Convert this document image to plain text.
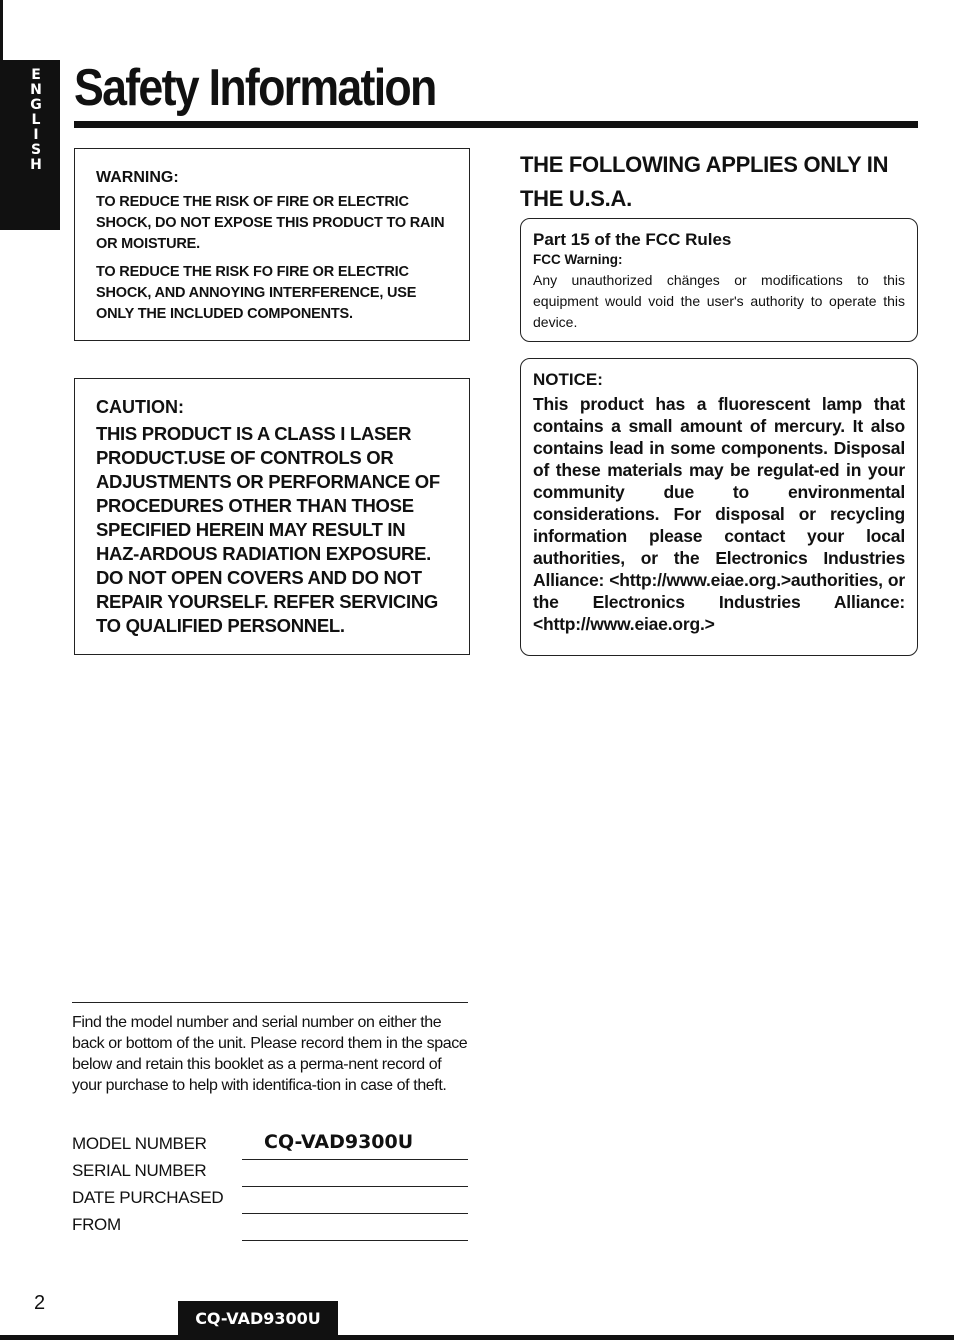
E
N
G
L
I
S
H
Safety Information
WARNING:

TO REDUCE THE RISK OF FIRE OR ELECTRIC SHOCK, DO NOT EXPOSE THIS PRODUCT TO RAIN OR MOISTURE.

TO REDUCE THE RISK FO FIRE OR ELECTRIC SHOCK, AND ANNOYING INTERFERENCE, USE ONLY THE INCLUDED COMPONENTS.

CAUTION:

THIS PRODUCT IS A CLASS I LASER PRODUCT.USE OF CONTROLS OR ADJUSTMENTS OR PERFORMANCE OF PROCEDURES OTHER THAN THOSE SPECIFIED HEREIN MAY RESULT IN HAZ-ARDOUS RADIATION EXPOSURE. DO NOT OPEN COVERS AND DO NOT REPAIR YOURSELF. REFER SERVICING TO QUALIFIED PERSONNEL.

THE FOLLOWING APPLIES ONLY IN THE U.S.A.
Part 15 of the FCC Rules
FCC Warning:

Any unauthorized chänges or modifications to this equipment would void the user's authority to operate this device.

NOTICE:

This product has a fluorescent lamp that contains a small amount of mercury. It also contains lead in some components. Disposal of these materials may be regulat-ed in your community due to environmental considerations. For disposal or recycling information please contact your local authorities, or the Electronics Industries Alliance: <http://www.eiae.org.>authorities, or the Electronics Industries Alliance: <http://www.eiae.org.>

Find the model number and serial number on either the back or bottom of the unit. Please record them in the space below and retain this booklet as a perma-nent record of your purchase to help with identifica-tion in case of theft.
MODEL NUMBER	CQ-VAD9300U
SERIAL NUMBER
DATE PURCHASED
FROM
2
CQ-VAD9300U
